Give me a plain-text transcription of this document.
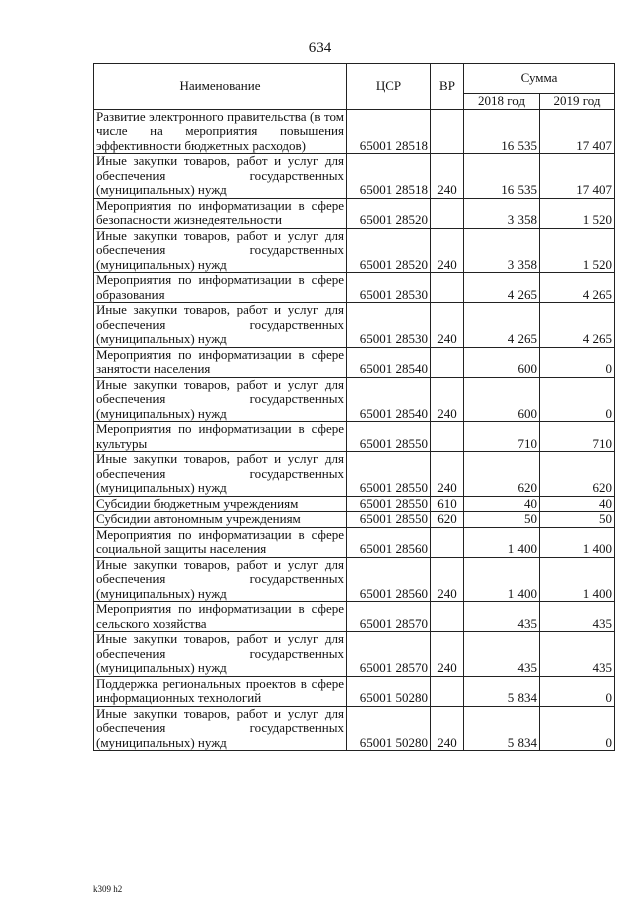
634
Наименование	ЦСР	ВР	Сумма	
			2018 год	2019 год
Развитие электронного правительства (в том числе на мероприятия повышения эффективности бюджетных расходов)	65001 28518		16 535	17 407
Иные закупки товаров, работ и услуг для обеспечения государственных (муниципальных) нужд	65001 28518	240	16 535	17 407
Мероприятия по информатизации в сфере безопасности жизнедеятельности	65001 28520		3 358	1 520
Иные закупки товаров, работ и услуг для обеспечения государственных (муниципальных) нужд	65001 28520	240	3 358	1 520
Мероприятия по информатизации в сфере образования	65001 28530		4 265	4 265
Иные закупки товаров, работ и услуг для обеспечения государственных (муниципальных) нужд	65001 28530	240	4 265	4 265
Мероприятия по информатизации в сфере занятости населения	65001 28540		600	0
Иные закупки товаров, работ и услуг для обеспечения государственных (муниципальных) нужд	65001 28540	240	600	0
Мероприятия по информатизации в сфере культуры	65001 28550		710	710
Иные закупки товаров, работ и услуг для обеспечения государственных (муниципальных) нужд	65001 28550	240	620	620
Субсидии бюджетным учреждениям	65001 28550	610	40	40
Субсидии автономным учреждениям	65001 28550	620	50	50
Мероприятия по информатизации в сфере социальной защиты населения	65001 28560		1 400	1 400
Иные закупки товаров, работ и услуг для обеспечения государственных (муниципальных) нужд	65001 28560	240	1 400	1 400
Мероприятия по информатизации в сфере сельского хозяйства	65001 28570		435	435
Иные закупки товаров, работ и услуг для обеспечения государственных (муниципальных) нужд	65001 28570	240	435	435
Поддержка региональных проектов в сфере информационных технологий	65001 50280		5 834	0
Иные закупки товаров, работ и услуг для обеспечения государственных (муниципальных) нужд	65001 50280	240	5 834	0
k309 h2
